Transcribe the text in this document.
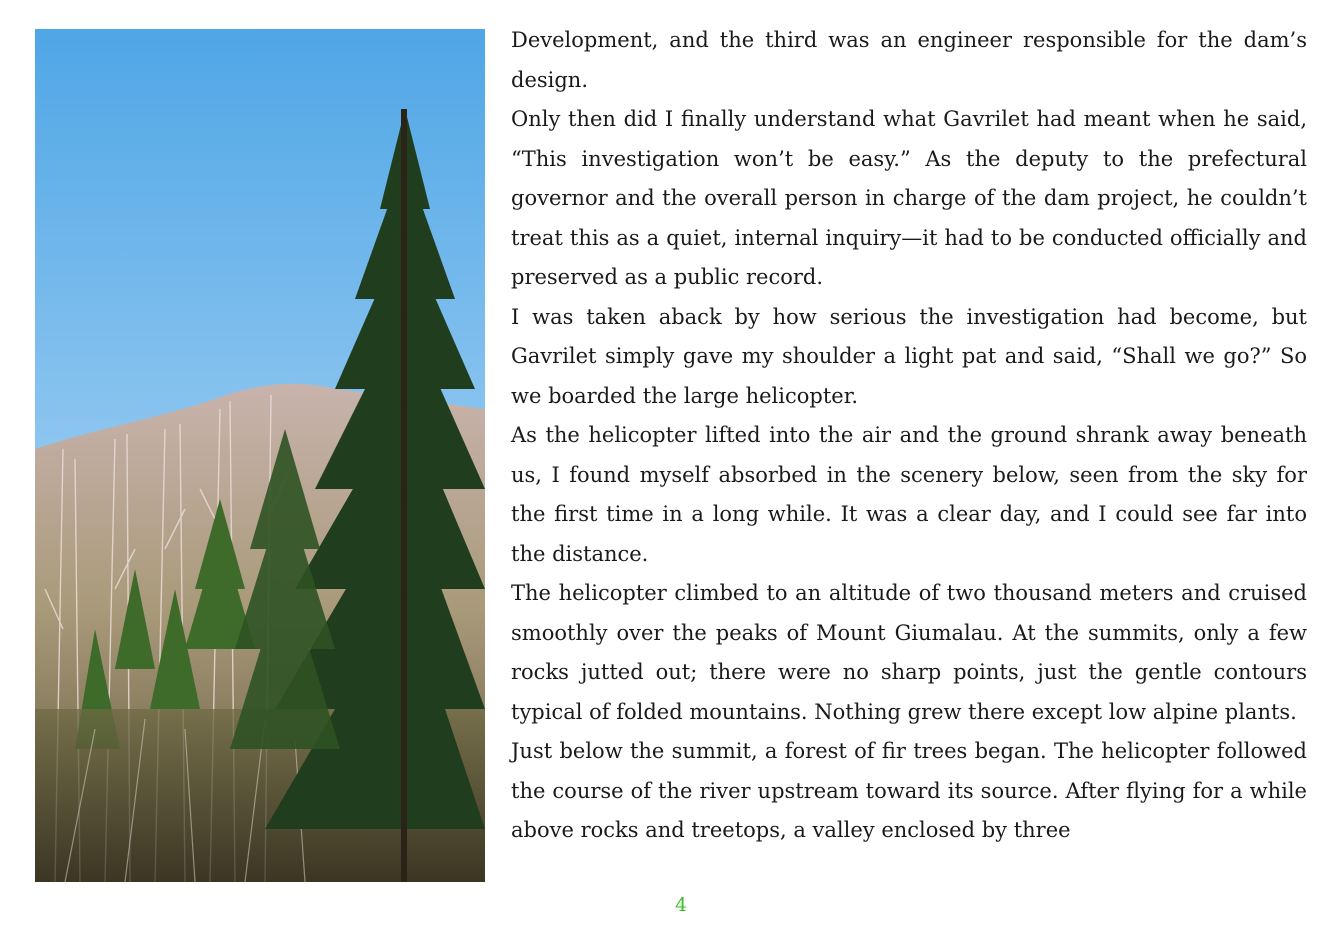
Development, and the third was an engineer responsible for the dam’s design.

Only then did I finally understand what Gavrilet had meant when he said, “This investigation won’t be easy.” As the deputy to the prefectural governor and the overall person in charge of the dam project, he couldn’t treat this as a quiet, internal inquiry—it had to be conducted officially and preserved as a public record.

I was taken aback by how serious the investigation had become, but Gavrilet simply gave my shoulder a light pat and said, “Shall we go?” So we boarded the large helicopter.

As the helicopter lifted into the air and the ground shrank away beneath us, I found myself absorbed in the scenery below, seen from the sky for the first time in a long while. It was a clear day, and I could see far into the distance.

The helicopter climbed to an altitude of two thousand meters and cruised smoothly over the peaks of Mount Giumalau. At the summits, only a few rocks jutted out; there were no sharp points, just the gentle contours typical of folded mountains. Nothing grew there except low alpine plants.

Just below the summit, a forest of fir trees began. The helicopter followed the course of the river upstream toward its source. After flying for a while above rocks and treetops, a valley enclosed by three

4
